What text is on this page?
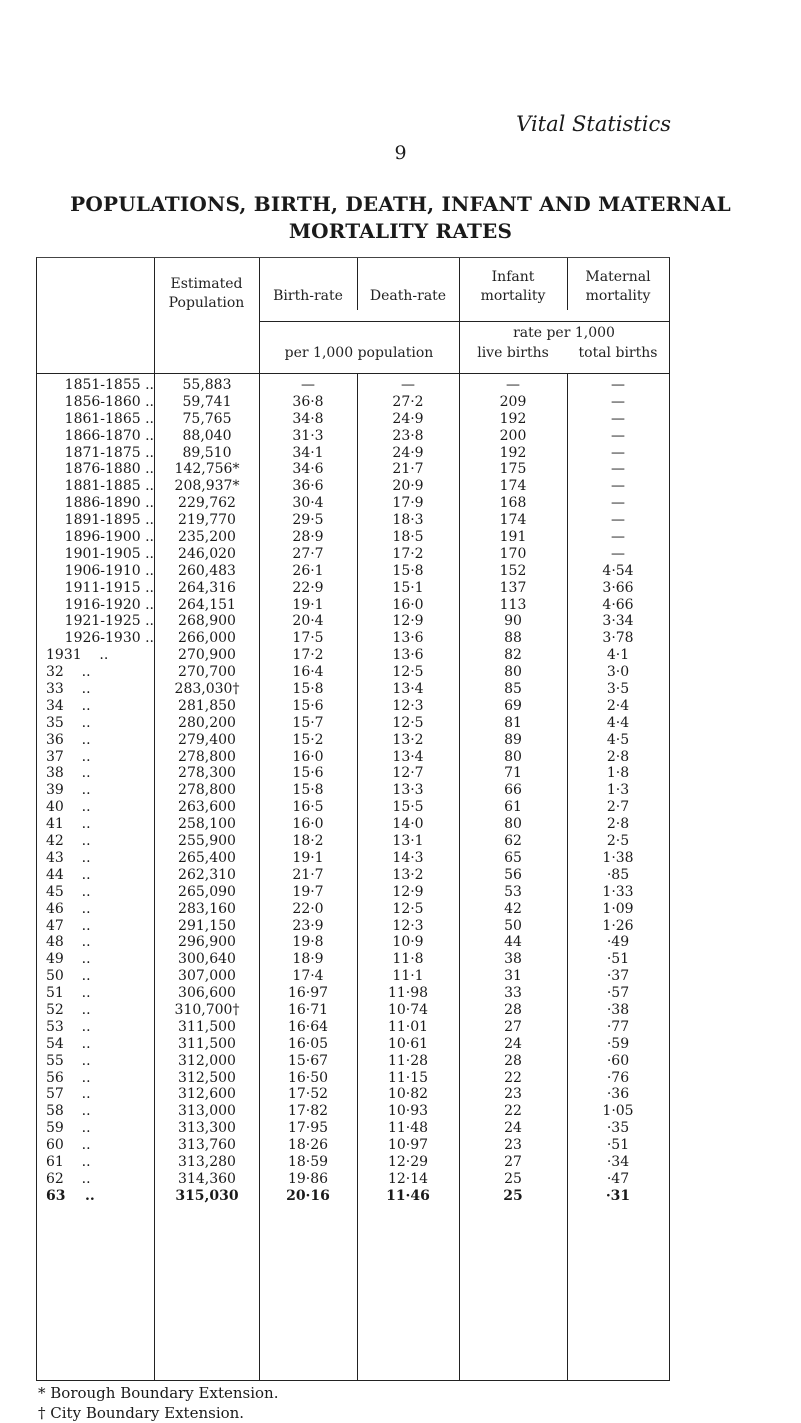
Vital Statistics
9
POPULATIONS, BIRTH, DEATH, INFANT AND MATERNAL
MORTALITY RATES
Estimated
Population	Birth-rate	Death-rate
Infant
mortality
Maternal
mortality
per 1,000 population
rate per 1,000
live births	total births
1851-1855 ..	55,883	—	—	—	—
1856-1860 ..	59,741	36·8	27·2	209	—
1861-1865 ..	75,765	34·8	24·9	192	—
1866-1870 ..	88,040	31·3	23·8	200	—
1871-1875 ..	89,510	34·1	24·9	192	—
1876-1880 ..	142,756*	34·6	21·7	175	—
1881-1885 ..	208,937*	36·6	20·9	174	—
1886-1890 ..	229,762	30·4	17·9	168	—
1891-1895 ..	219,770	29·5	18·3	174	—
1896-1900 ..	235,200	28·9	18·5	191	—
1901-1905 ..	246,020	27·7	17·2	170	—
1906-1910 ..	260,483	26·1	15·8	152	4·54
1911-1915 ..	264,316	22·9	15·1	137	3·66
1916-1920 ..	264,151	19·1	16·0	113	4·66
1921-1925 ..	268,900	20·4	12·9	90	3·34
1926-1930 ..	266,000	17·5	13·6	88	3·78
1931    ..	270,900	17·2	13·6	82	4·1
32    ..	270,700	16·4	12·5	80	3·0
33    ..	283,030†	15·8	13·4	85	3·5
34    ..	281,850	15·6	12·3	69	2·4
35    ..	280,200	15·7	12·5	81	4·4
36    ..	279,400	15·2	13·2	89	4·5
37    ..	278,800	16·0	13·4	80	2·8
38    ..	278,300	15·6	12·7	71	1·8
39    ..	278,800	15·8	13·3	66	1·3
40    ..	263,600	16·5	15·5	61	2·7
41    ..	258,100	16·0	14·0	80	2·8
42    ..	255,900	18·2	13·1	62	2·5
43    ..	265,400	19·1	14·3	65	1·38
44    ..	262,310	21·7	13·2	56	·85
45    ..	265,090	19·7	12·9	53	1·33
46    ..	283,160	22·0	12·5	42	1·09
47    ..	291,150	23·9	12·3	50	1·26
48    ..	296,900	19·8	10·9	44	·49
49    ..	300,640	18·9	11·8	38	·51
50    ..	307,000	17·4	11·1	31	·37
51    ..	306,600	16·97	11·98	33	·57
52    ..	310,700†	16·71	10·74	28	·38
53    ..	311,500	16·64	11·01	27	·77
54    ..	311,500	16·05	10·61	24	·59
55    ..	312,000	15·67	11·28	28	·60
56    ..	312,500	16·50	11·15	22	·76
57    ..	312,600	17·52	10·82	23	·36
58    ..	313,000	17·82	10·93	22	1·05
59    ..	313,300	17·95	11·48	24	·35
60    ..	313,760	18·26	10·97	23	·51
61    ..	313,280	18·59	12·29	27	·34
62    ..	314,360	19·86	12·14	25	·47
63    ..	315,030	20·16	11·46	25	·31
* Borough Boundary Extension.
† City Boundary Extension.
